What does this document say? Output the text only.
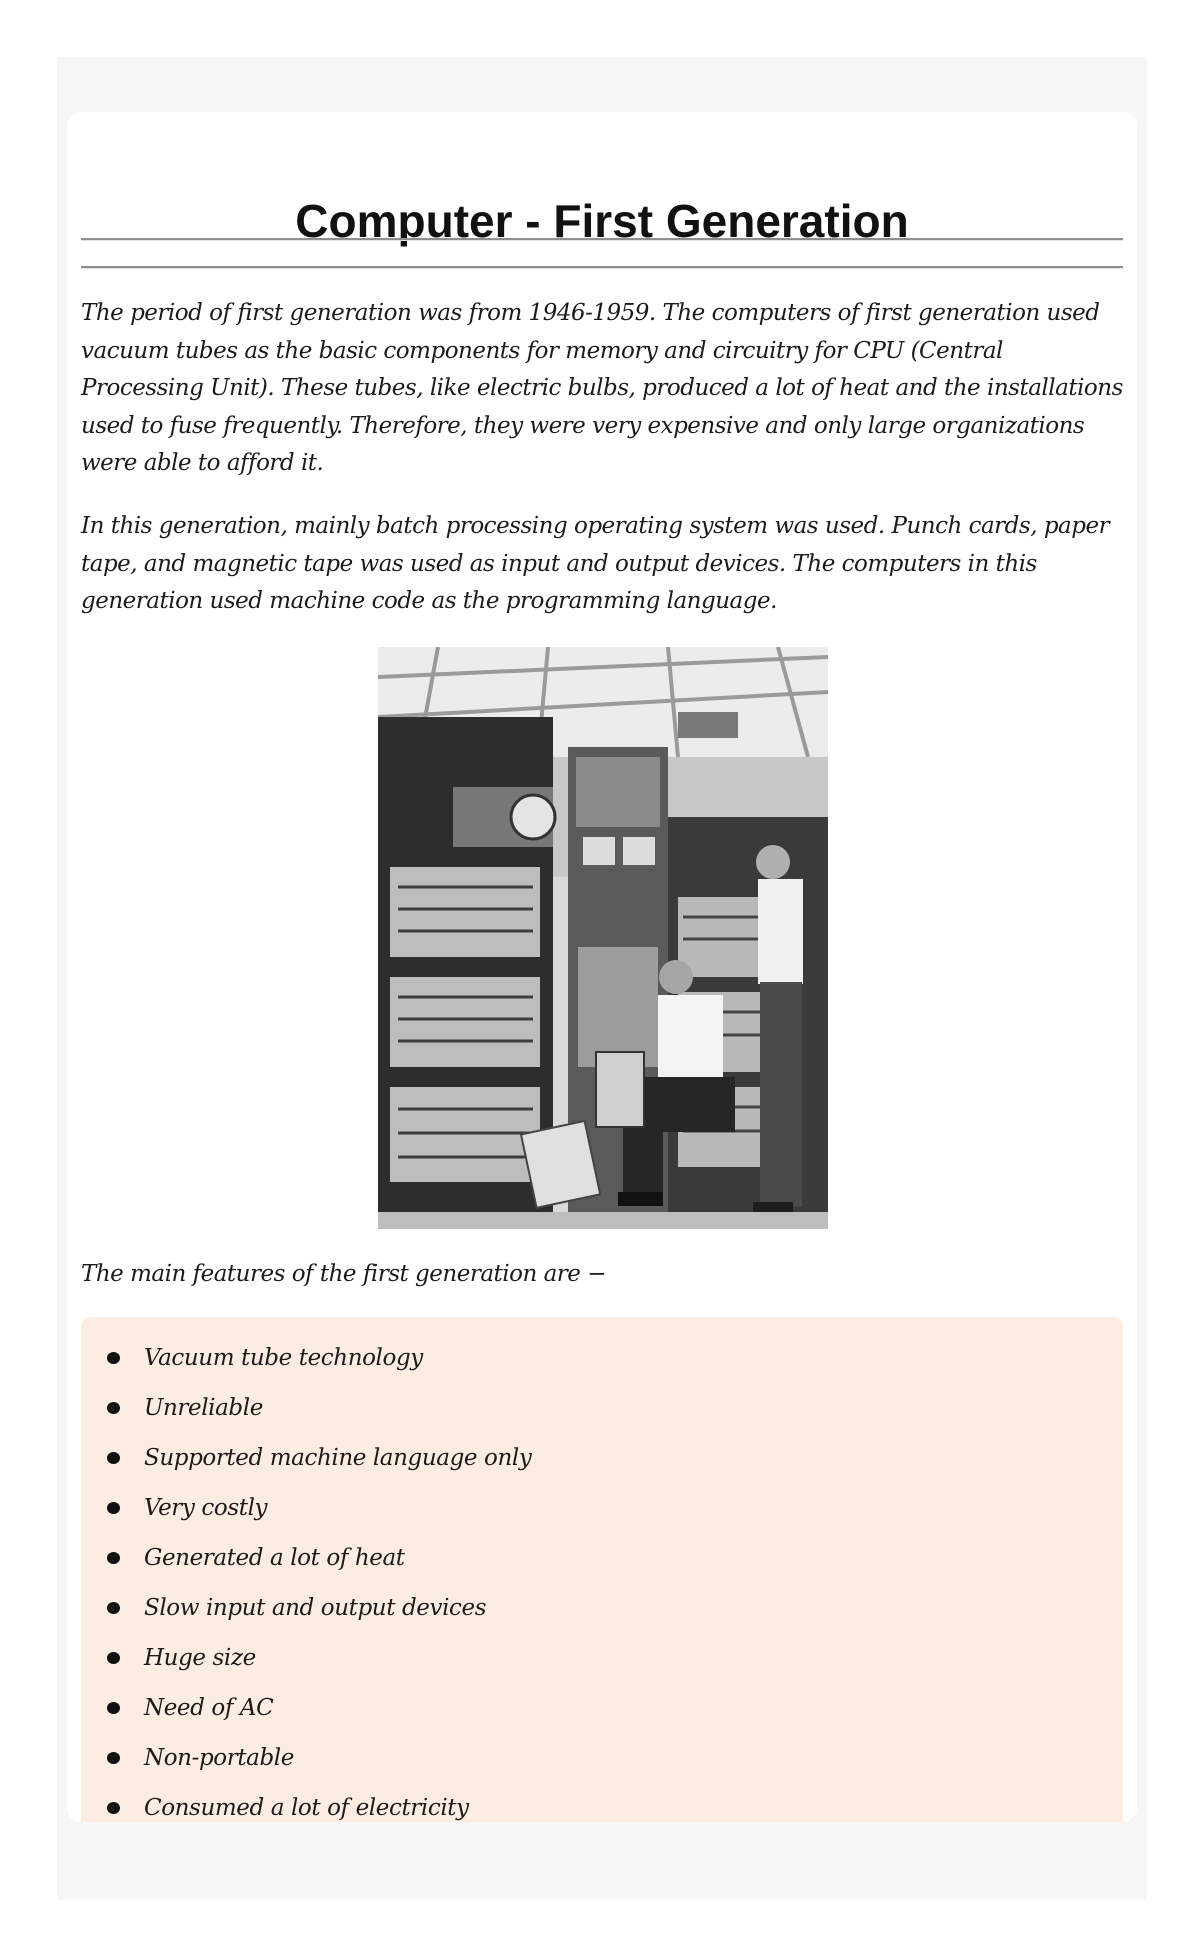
Computer - First Generation

The period of first generation was from 1946-1959. The computers of first generation used vacuum tubes as the basic components for memory and circuitry for CPU (Central Processing Unit). These tubes, like electric bulbs, produced a lot of heat and the installations used to fuse frequently. Therefore, they were very expensive and only large organizations were able to afford it.

In this generation, mainly batch processing operating system was used. Punch cards, paper tape, and magnetic tape was used as input and output devices. The computers in this generation used machine code as the programming language.

The main features of the first generation are −

Vacuum tube technology
Unreliable
Supported machine language only
Very costly
Generated a lot of heat
Slow input and output devices
Huge size
Need of AC
Non-portable
Consumed a lot of electricity
